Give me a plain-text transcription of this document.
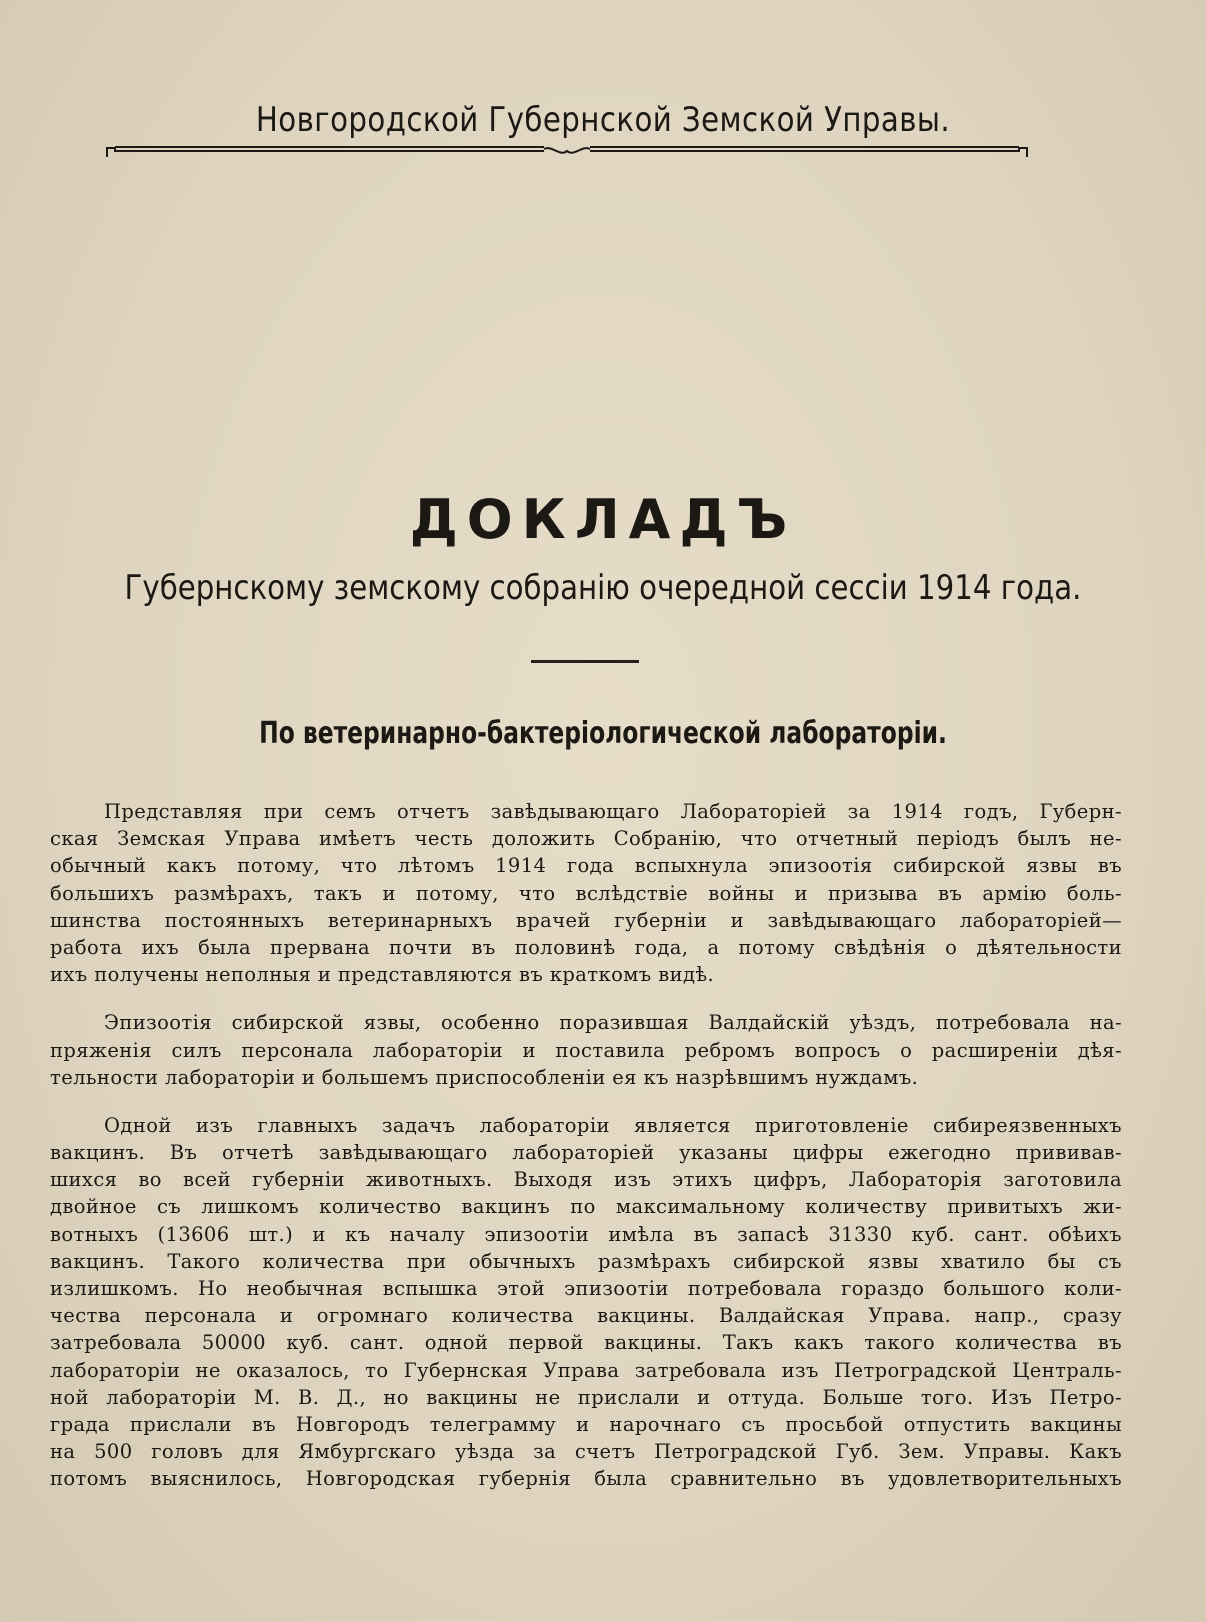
Новгородской Губернской Земской Управы.
ДОКЛАДЪ
Губернскому земскому собранію очередной сессіи 1914 года.
По ветеринарно-бактеріологической лабораторіи.
Представляя при семъ отчетъ завѣдывающаго Лабораторіей за 1914 годъ, Губерн-
ская Земская Управа имѣетъ честь доложить Собранію, что отчетный періодъ былъ не-
обычный какъ потому, что лѣтомъ 1914 года вспыхнула эпизоотія сибирской язвы въ
большихъ размѣрахъ, такъ и потому, что вслѣдствіе войны и призыва въ армію боль-
шинства постоянныхъ ветеринарныхъ врачей губерніи и завѣдывающаго лабораторіей—
работа ихъ была прервана почти въ половинѣ года, а потому свѣдѣнія о дѣятельности
ихъ получены неполныя и представляются въ краткомъ видѣ.
Эпизоотія сибирской язвы, особенно поразившая Валдайскій уѣздъ, потребовала на-
пряженія силъ персонала лабораторіи и поставила ребромъ вопросъ о расширеніи дѣя-
тельности лабораторіи и большемъ приспособленіи ея къ назрѣвшимъ нуждамъ.
Одной изъ главныхъ задачъ лабораторіи является приготовленіе сибиреязвенныхъ
вакцинъ. Въ отчетѣ завѣдывающаго лабораторіей указаны цифры ежегодно прививав-
шихся во всей губерніи животныхъ. Выходя изъ этихъ цифръ, Лабораторія заготовила
двойное съ лишкомъ количество вакцинъ по максимальному количеству привитыхъ жи-
вотныхъ (13606 шт.) и къ началу эпизоотіи имѣла въ запасѣ 31330 куб. сант. обѣихъ
вакцинъ. Такого количества при обычныхъ размѣрахъ сибирской язвы хватило бы съ
излишкомъ. Но необычная вспышка этой эпизоотіи потребовала гораздо большого коли-
чества персонала и огромнаго количества вакцины. Валдайская Управа. напр., сразу
затребовала 50000 куб. сант. одной первой вакцины. Такъ какъ такого количества въ
лабораторіи не оказалось, то Губернская Управа затребовала изъ Петроградской Централь-
ной лабораторіи М. В. Д., но вакцины не прислали и оттуда. Больше того. Изъ Петро-
града прислали въ Новгородъ телеграмму и нарочнаго съ просьбой отпустить вакцины
на 500 головъ для Ямбургскаго уѣзда за счетъ Петроградской Губ. Зем. Управы. Какъ
потомъ выяснилось, Новгородская губернія была сравнительно въ удовлетворительныхъ
